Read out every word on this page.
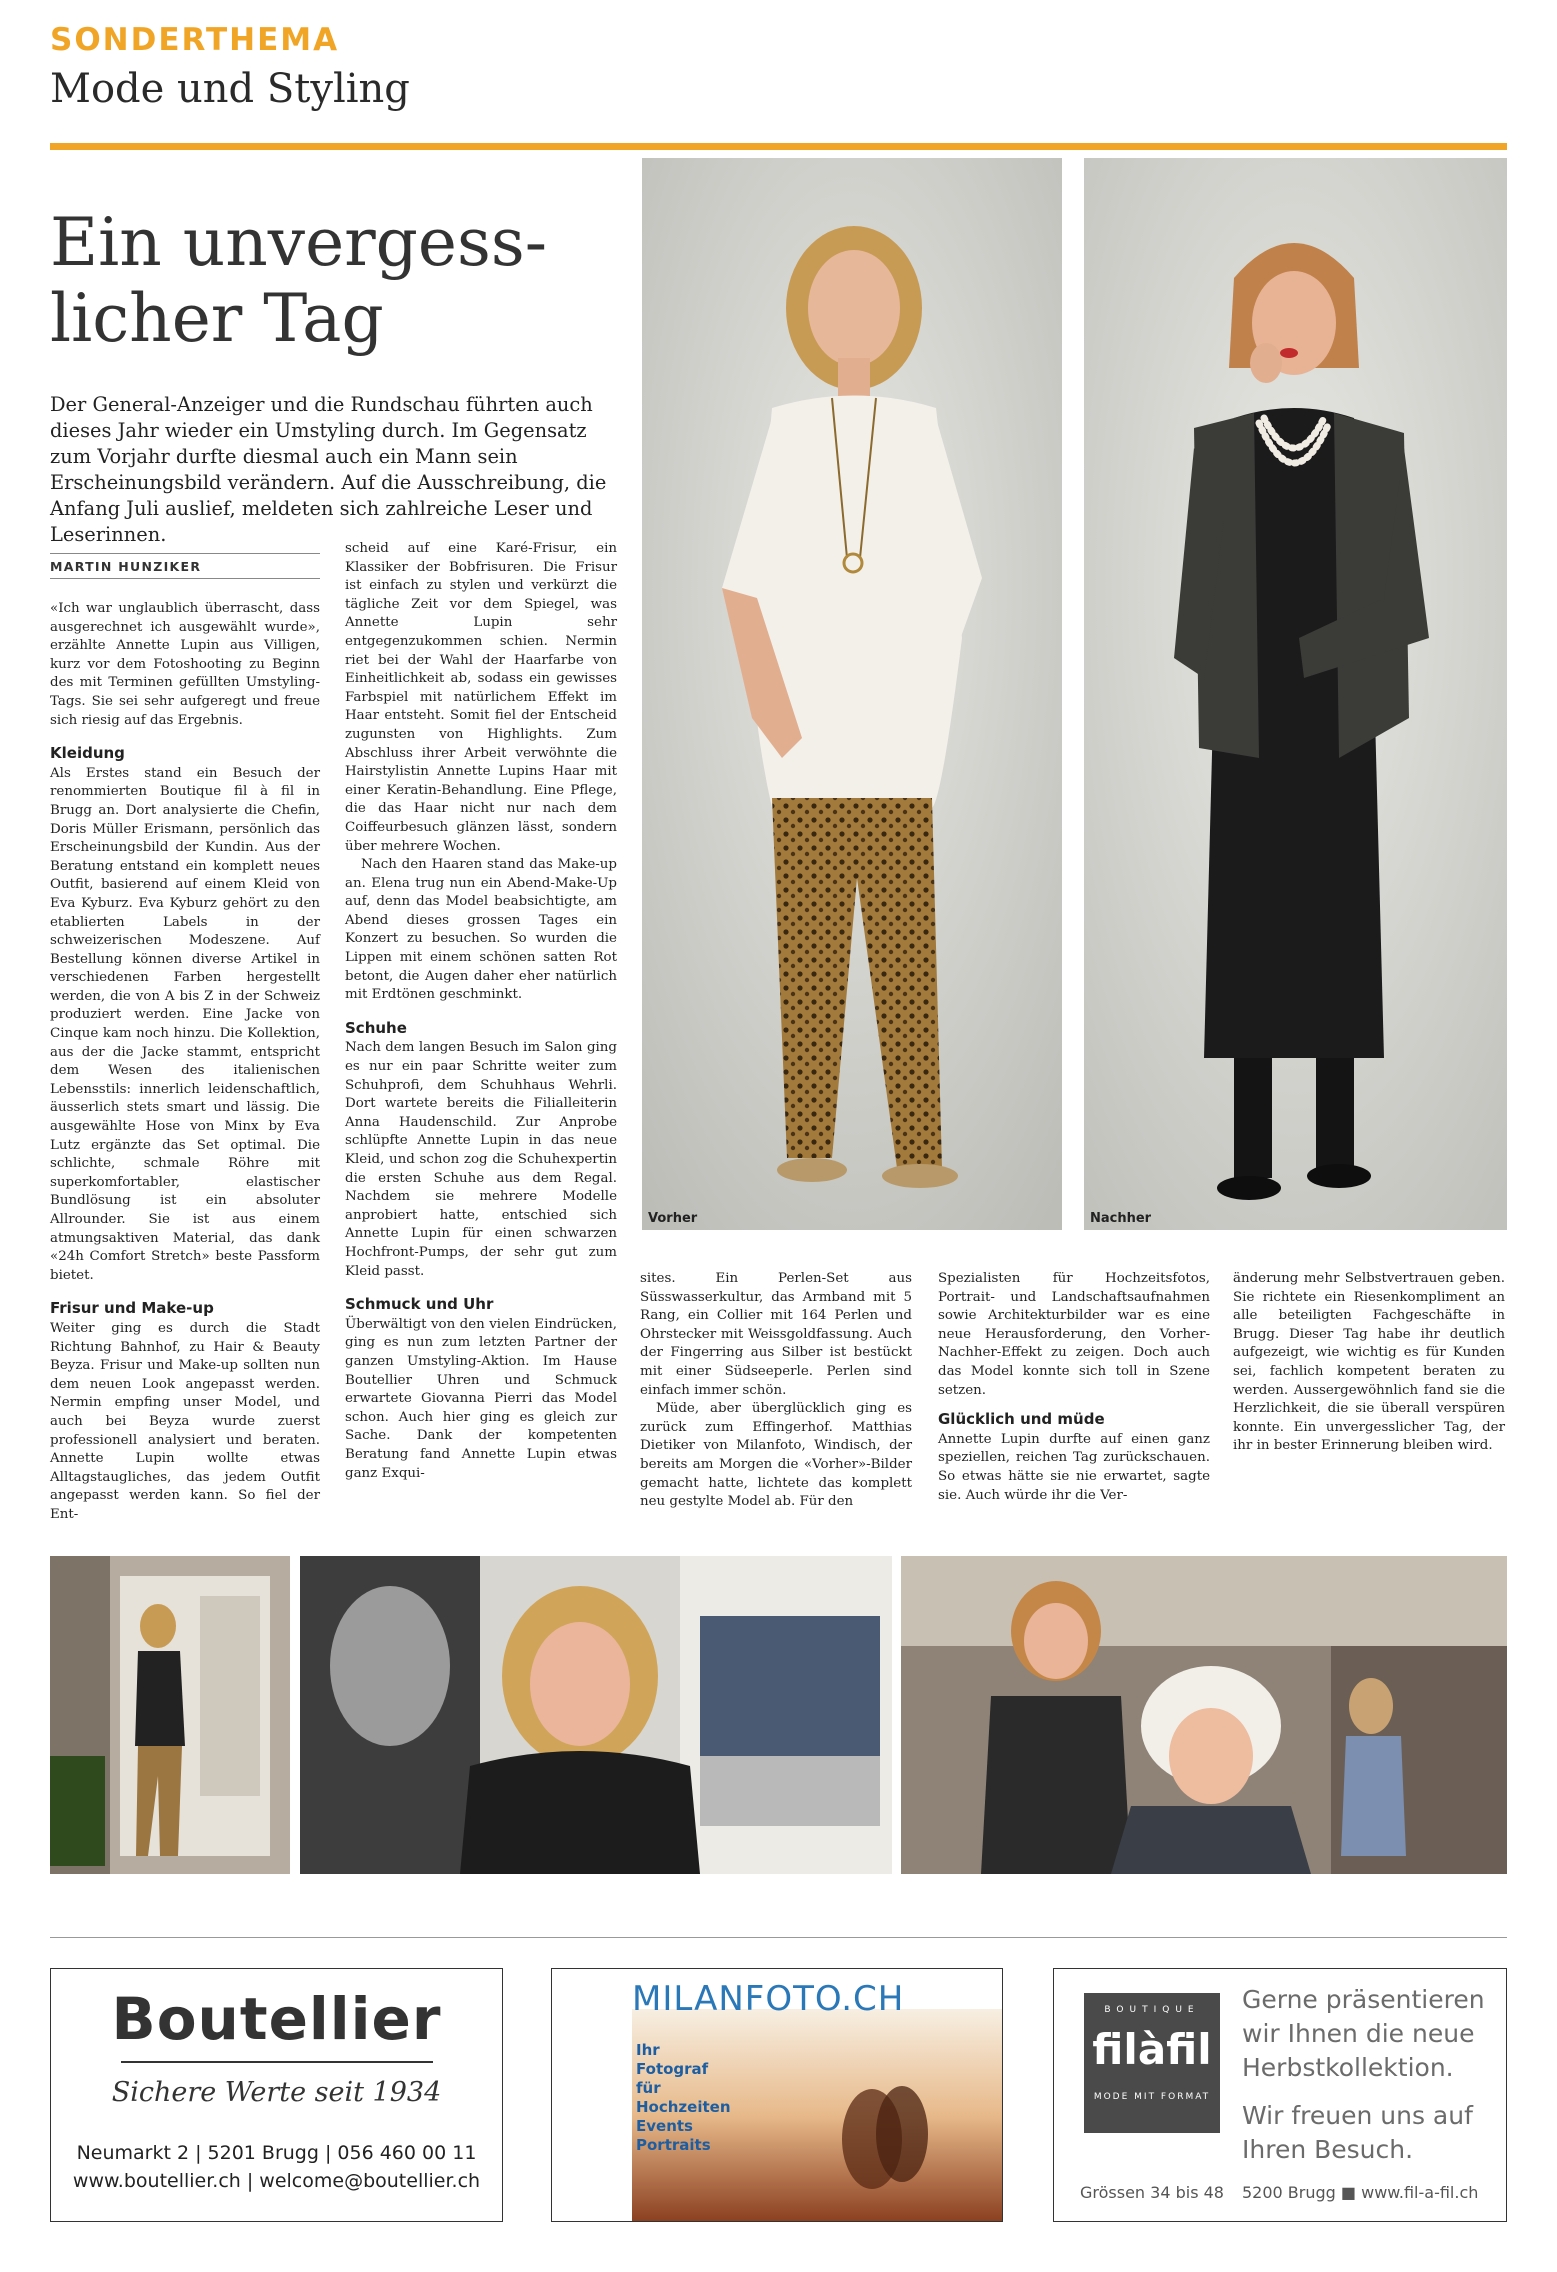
SONDERTHEMA
Mode und Styling
Ein unvergess-
licher Tag

Der General-Anzeiger und die Rundschau führten auch dieses Jahr wieder ein Umstyling durch. Im Gegensatz zum Vorjahr durfte diesmal auch ein Mann sein Erscheinungsbild verändern. Auf die Ausschreibung, die Anfang Juli auslief, meldeten sich zahlreiche Leser und Leserinnen.

MARTIN HUNZIKER

«Ich war unglaublich überrascht, dass ausgerechnet ich ausgewählt wurde», erzählte Annette Lupin aus Villigen, kurz vor dem Fotoshooting zu Beginn des mit Terminen gefüllten Umstyling-Tags. Sie sei sehr aufgeregt und freue sich riesig auf das Ergebnis.

Kleidung

Als Erstes stand ein Besuch der renommierten Boutique fil à fil in Brugg an. Dort analysierte die Chefin, Doris Müller Erismann, persönlich das Erscheinungsbild der Kundin. Aus der Beratung entstand ein komplett neues Outfit, basierend auf einem Kleid von Eva Kyburz. Eva Kyburz gehört zu den etablierten Labels in der schweizerischen Modeszene. Auf Bestellung können diverse Artikel in verschiedenen Farben hergestellt werden, die von A bis Z in der Schweiz produziert werden. Eine Jacke von Cinque kam noch hinzu. Die Kollektion, aus der die Jacke stammt, entspricht dem Wesen des italienischen Lebensstils: innerlich leidenschaftlich, äusserlich stets smart und lässig. Die ausgewählte Hose von Minx by Eva Lutz ergänzte das Set optimal. Die schlichte, schmale Röhre mit superkomfortabler, elastischer Bundlösung ist ein absoluter Allrounder. Sie ist aus einem atmungsaktiven Material, das dank «24h Comfort Stretch» beste Passform bietet.

Frisur und Make-up

Weiter ging es durch die Stadt Richtung Bahnhof, zu Hair & Beauty Beyza. Frisur und Make-up sollten nun dem neuen Look angepasst werden. Nermin empfing unser Model, und auch bei Beyza wurde zuerst professionell analysiert und beraten. Annette Lupin wollte etwas Alltagstaugliches, das jedem Outfit angepasst werden kann. So fiel der Ent-

scheid auf eine Karé-Frisur, ein Klassiker der Bobfrisuren. Die Frisur ist einfach zu stylen und verkürzt die tägliche Zeit vor dem Spiegel, was Annette Lupin sehr entgegenzukommen schien. Nermin riet bei der Wahl der Haarfarbe von Einheitlichkeit ab, sodass ein gewisses Farbspiel mit natürlichem Effekt im Haar entsteht. Somit fiel der Entscheid zugunsten von Highlights. Zum Abschluss ihrer Arbeit verwöhnte die Hairstylistin Annette Lupins Haar mit einer Keratin-Behandlung. Eine Pflege, die das Haar nicht nur nach dem Coiffeurbesuch glänzen lässt, sondern über mehrere Wochen.

Nach den Haaren stand das Make-up an. Elena trug nun ein Abend-Make-Up auf, denn das Model beabsichtigte, am Abend dieses grossen Tages ein Konzert zu besuchen. So wurden die Lippen mit einem schönen satten Rot betont, die Augen daher eher natürlich mit Erdtönen geschminkt.

Schuhe

Nach dem langen Besuch im Salon ging es nur ein paar Schritte weiter zum Schuhprofi, dem Schuhhaus Wehrli. Dort wartete bereits die Filialleiterin Anna Haudenschild. Zur Anprobe schlüpfte Annette Lupin in das neue Kleid, und schon zog die Schuhexpertin die ersten Schuhe aus dem Regal. Nachdem sie mehrere Modelle anprobiert hatte, entschied sich Annette Lupin für einen schwarzen Hochfront-Pumps, der sehr gut zum Kleid passt.

Schmuck und Uhr

Überwältigt von den vielen Eindrücken, ging es nun zum letzten Partner der ganzen Umstyling-Aktion. Im Hause Boutellier Uhren und Schmuck erwartete Giovanna Pierri das Model schon. Auch hier ging es gleich zur Sache. Dank der kompetenten Beratung fand Annette Lupin etwas ganz Exqui-

Vorher	Nachher

sites. Ein Perlen-Set aus Süsswasserkultur, das Armband mit 5 Rang, ein Collier mit 164 Perlen und Ohrstecker mit Weissgoldfassung. Auch der Fingerring aus Silber ist bestückt mit einer Südseeperle. Perlen sind einfach immer schön.

Müde, aber überglücklich ging es zurück zum Effingerhof. Matthias Dietiker von Milanfoto, Windisch, der bereits am Morgen die «Vorher»-Bilder gemacht hatte, lichtete das komplett neu gestylte Model ab. Für den

Spezialisten für Hochzeitsfotos, Portrait- und Landschaftsaufnahmen sowie Architekturbilder war es eine neue Herausforderung, den Vorher-Nachher-Effekt zu zeigen. Doch auch das Model konnte sich toll in Szene setzen.

Glücklich und müde

Annette Lupin durfte auf einen ganz speziellen, reichen Tag zurückschauen. So etwas hätte sie nie erwartet, sagte sie. Auch würde ihr die Ver-

änderung mehr Selbstvertrauen geben. Sie richtete ein Riesenkompliment an alle beteiligten Fachgeschäfte in Brugg. Dieser Tag habe ihr deutlich aufgezeigt, wie wichtig es für Kunden sei, fachlich kompetent beraten zu werden. Aussergewöhnlich fand sie die Herzlichkeit, die sie überall verspüren konnte. Ein unvergesslicher Tag, der ihr in bester Erinnerung bleiben wird.

Boutellier
Sichere Werte seit 1934
Neumarkt 2 | 5201 Brugg | 056 460 00 11
www.boutellier.ch | welcome@boutellier.ch
MILANFOTO.CH
Ihr
Fotograf
für
Hochzeiten
Events
Portraits
BOUTIQUE
filàfil
MODE MIT FORMAT
Gerne präsentieren wir Ihnen die neue Herbstkollektion.
Wir freuen uns auf Ihren Besuch.
Grössen 34 bis 48 5200 Brugg ■ www.fil-a-fil.ch
